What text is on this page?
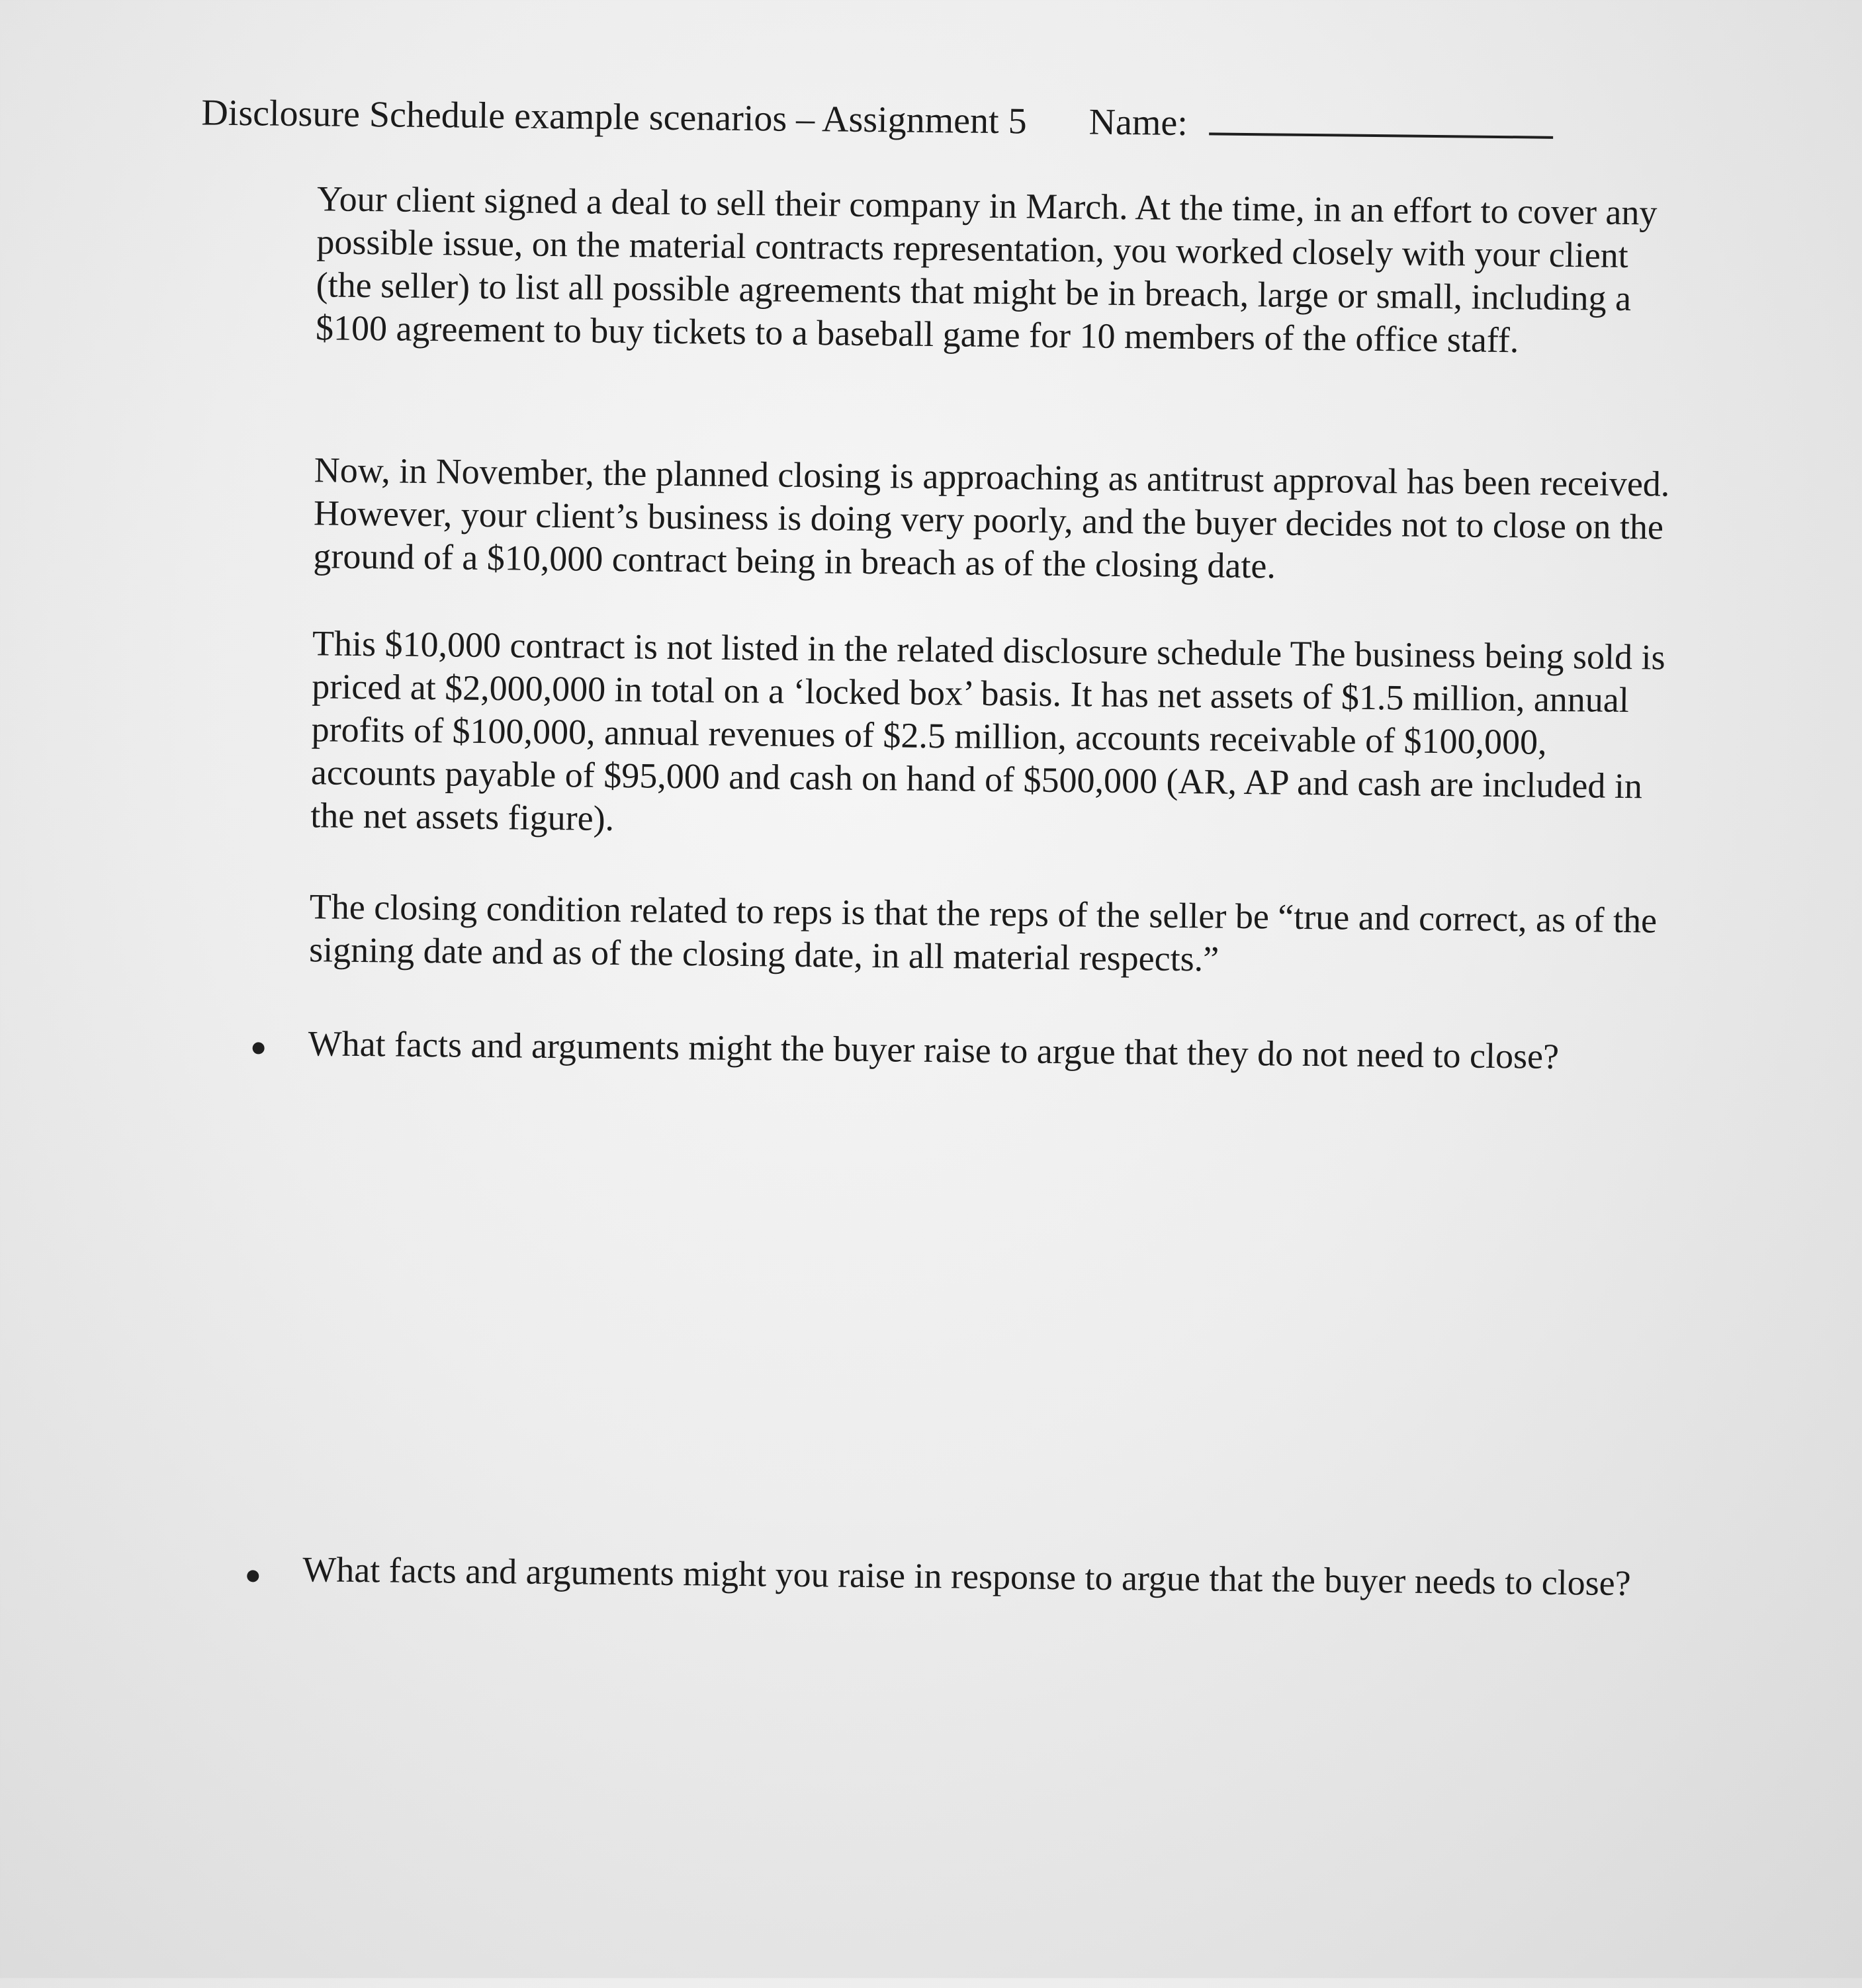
Disclosure Schedule example scenarios – Assignment 5 Name:
Your client signed a deal to sell their company in March. At the time, in an effort to cover any possible issue, on the material contracts representation, you worked closely with your client (the seller) to list all possible agreements that might be in breach, large or small, including a $100 agreement to buy tickets to a baseball game for 10 members of the office staff.
Now, in November, the planned closing is approaching as antitrust approval has been received. However, your client’s business is doing very poorly, and the buyer decides not to close on the ground of a $10,000 contract being in breach as of the closing date.
This $10,000 contract is not listed in the related disclosure schedule The business being sold is priced at $2,000,000 in total on a ‘locked box’ basis. It has net assets of $1.5 million, annual profits of $100,000, annual revenues of $2.5 million, accounts receivable of $100,000, accounts payable of $95,000 and cash on hand of $500,000 (AR, AP and cash are included in the net assets figure).
The closing condition related to reps is that the reps of the seller be “true and correct, as of the signing date and as of the closing date, in all material respects.”
What facts and arguments might the buyer raise to argue that they do not need to close?
What facts and arguments might you raise in response to argue that the buyer needs to close?
